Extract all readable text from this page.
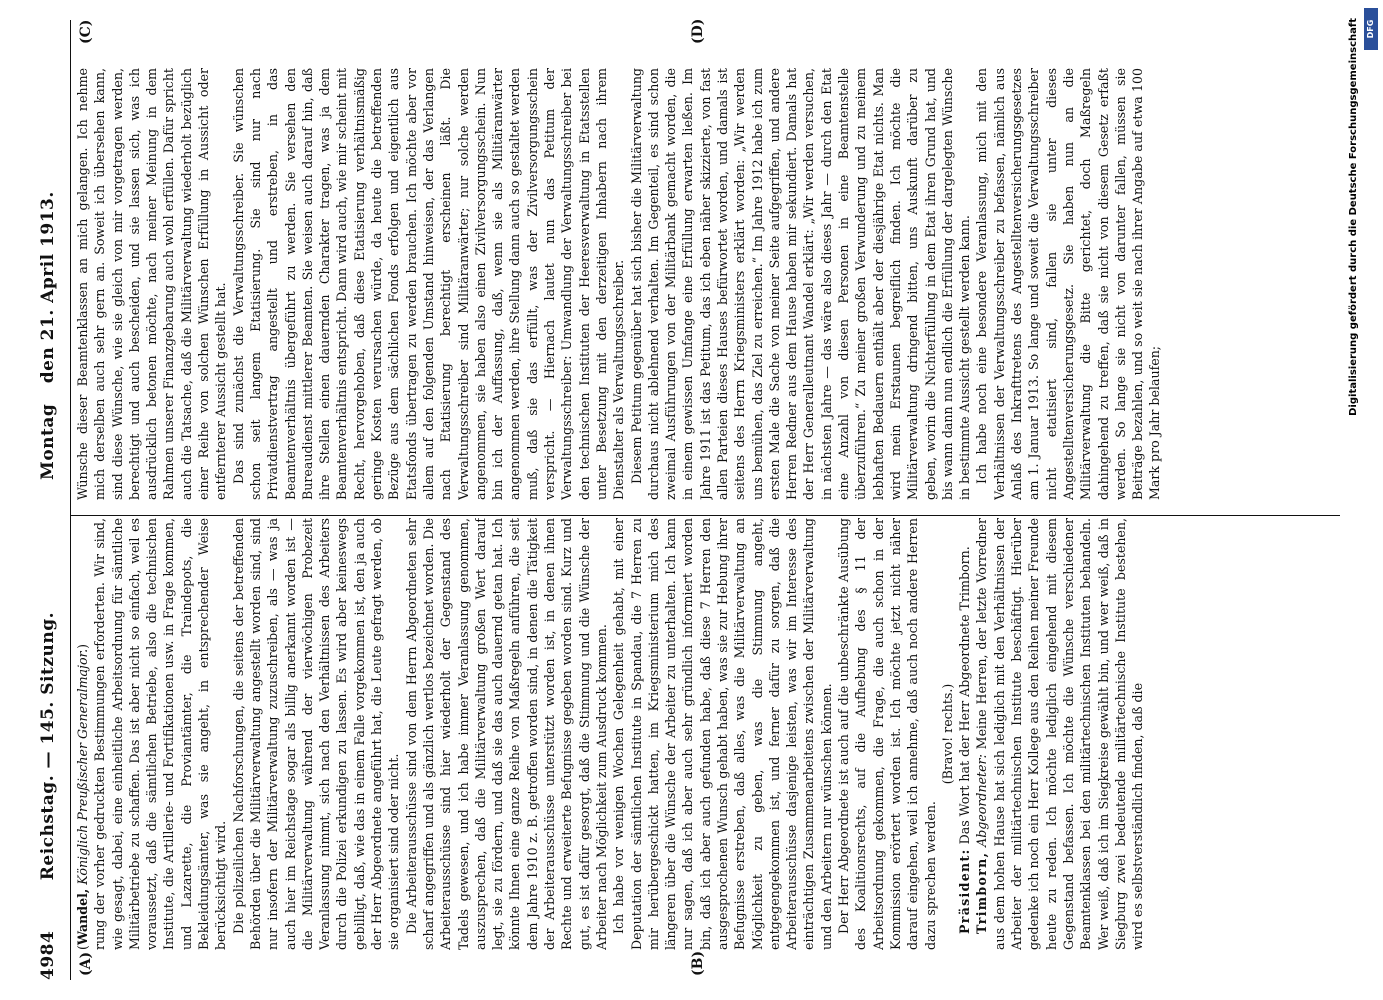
4984 Reichstag. — 145. Sitzung.
Montag den 21. April 1913.
(A)	(B)
(C)	(D)

(Wandel, Königlich Preußischer Generalmajor.) rung der vorher gedruckten Bestimmungen erforderten. Wir sind, wie gesagt, dabei, eine einheitliche Arbeitsordnung für sämtliche Militärbetriebe zu schaffen. Das ist aber nicht so einfach, weil es voraussetzt, daß die sämtlichen Betriebe, also die technischen Institute, die Artillerie- und Fortifikationen usw. in Frage kommen, und Lazarette, die Proviantämter, die Traindepots, die Bekleidungsämter, was sie angeht, in entsprechender Weise berücksichtigt wird. Die polizeilichen Nachforschungen, die seitens der betreffenden Behörden über die Militärverwaltung angestellt worden sind, sind nur insofern der Militärverwaltung zuzuschreiben, als — was ja auch hier im Reichstage sogar als billig anerkannt worden ist — die Militärverwaltung während der vierwöchigen Probezeit Veranlassung nimmt, sich nach den Verhältnissen des Arbeiters durch die Polizei erkundigen zu lassen. Es wird aber keineswegs gebilligt, daß, wie das in einem Falle vorgekommen ist, den ja auch der Herr Abgeordnete angeführt hat, die Leute gefragt werden, ob sie organisiert sind oder nicht. Die Arbeiterausschüsse sind von dem Herrn Abgeordneten sehr scharf angegriffen und als gänzlich wertlos bezeichnet worden. Die Arbeiterausschüsse sind hier wiederholt der Gegenstand des Tadels gewesen, und ich habe immer Veranlassung genommen, auszusprechen, daß die Militärverwaltung großen Wert darauf legt, sie zu fördern, und daß sie das auch dauernd getan hat. Ich könnte Ihnen eine ganze Reihe von Maßregeln anführen, die seit dem Jahre 1910 z. B. getroffen worden sind, in denen die Tätigkeit der Arbeiterausschüsse unterstützt worden ist, in denen ihnen Rechte und erweiterte Befugnisse gegeben worden sind. Kurz und gut, es ist dafür gesorgt, daß die Stimmung und die Wünsche der Arbeiter nach Möglichkeit zum Ausdruck kommen. Ich habe vor wenigen Wochen Gelegenheit gehabt, mit einer Deputation der sämtlichen Institute in Spandau, die 7 Herren zu mir herübergeschickt hatten, im Kriegsministerium mich des längeren über die Wünsche der Arbeiter zu unterhalten. Ich kann nur sagen, daß ich aber auch sehr gründlich informiert worden bin, daß ich aber auch gefunden habe, daß diese 7 Herren den ausgesprochenen Wunsch gehabt haben, was sie zur Hebung ihrer Befugnisse erstreben, daß alles, was die Militärverwaltung an Möglichkeit zu geben, was die Stimmung angeht, entgegengekommen ist, und ferner dafür zu sorgen, daß die Arbeiterausschüsse dasjenige leisten, was wir im Interesse des einträchtigen Zusammenarbeitens zwischen der Militärverwaltung und den Arbeitern nur wünschen können. Der Herr Abgeordnete ist auch auf die unbeschränkte Ausübung des Koalitionsrechts, auf die Aufhebung des § 11 der Arbeitsordnung gekommen, die Frage, die auch schon in der Kommission erörtert worden ist. Ich möchte jetzt nicht näher darauf eingehen, weil ich annehme, daß auch noch andere Herren dazu sprechen werden.

(Bravo! rechts.)

Präsident: Das Wort hat der Herr Abgeordnete Trimborn.

Trimborn, Abgeordneter: Meine Herren, der letzte Vorredner aus dem hohen Hause hat sich lediglich mit den Verhältnissen der Arbeiter der militärtechnischen Institute beschäftigt. Hierüber gedenke ich noch ein Herr Kollege aus den Reihen meiner Freunde heute zu reden. Ich möchte lediglich eingehend mit diesem Gegenstand befassen. Ich möchte die Wünsche verschiedener Beamtenklassen bei den militärtechnischen Instituten behandeln. Wer weiß, daß ich im Siegkreise gewählt bin, und wer weiß, daß in Siegburg zwei bedeutende militärtechnische Institute bestehen, wird es selbstverständlich finden, daß die

Wünsche dieser Beamtenklassen an mich gelangen. Ich nehme mich derselben auch sehr gern an. Soweit ich übersehen kann, sind diese Wünsche, wie sie gleich von mir vorgetragen werden, berechtigt und auch bescheiden, und sie lassen sich, was ich ausdrücklich betonen möchte, nach meiner Meinung in dem Rahmen unserer Finanzgebarung auch wohl erfüllen. Dafür spricht auch die Tatsache, daß die Militärverwaltung wiederholt bezüglich einer Reihe von solchen Wünschen Erfüllung in Aussicht oder entfernterer Aussicht gestellt hat. Das sind zunächst die Verwaltungsschreiber. Sie wünschen schon seit langem Etatisierung. Sie sind nur nach Privatdienstvertrag angestellt und erstreben, in das Beamtenverhältnis übergeführt zu werden. Sie versehen den Bureaudienst mittlerer Beamten. Sie weisen auch darauf hin, daß ihre Stellen einen dauernden Charakter tragen, was ja dem Beamtenverhältnis entspricht. Dann wird auch, wie mir scheint mit Recht, hervorgehoben, daß diese Etatisierung verhältnismäßig geringe Kosten verursachen würde, da heute die betreffenden Bezüge aus dem sächlichen Fonds erfolgen und eigentlich aus Etatsfonds übertragen zu werden brauchen. Ich möchte aber vor allem auf den folgenden Umstand hinweisen, der das Verlangen nach Etatisierung berechtigt erscheinen läßt. Die Verwaltungsschreiber sind Militäranwärter; nur solche werden angenommen, sie haben also einen Zivilversorgungsschein. Nun bin ich der Auffassung, daß, wenn sie als Militäranwärter angenommen werden, ihre Stellung dann auch so gestaltet werden muß, daß sie das erfüllt, was der Zivilversorgungsschein verspricht. — Hiernach lautet nun das Petitum der Verwaltungsschreiber: Umwandlung der Verwaltungsschreiber bei den technischen Instituten der Heeresverwaltung in Etatsstellen unter Besetzung mit den derzeitigen Inhabern nach ihrem Dienstalter als Verwaltungsschreiber. Diesem Petitum gegenüber hat sich bisher die Militärverwaltung durchaus nicht ablehnend verhalten. Im Gegenteil, es sind schon zweimal Ausführungen von der Militärbank gemacht worden, die in einem gewissen Umfange eine Erfüllung erwarten ließen. Im Jahre 1911 ist das Petitum, das ich eben näher skizzierte, von fast allen Parteien dieses Hauses befürwortet worden, und damals ist seitens des Herrn Kriegsministers erklärt worden: „Wir werden uns bemühen, das Ziel zu erreichen.“ Im Jahre 1912 habe ich zum ersten Male die Sache von meiner Seite aufgegriffen, und andere Herren Redner aus dem Hause haben mir sekundiert. Damals hat der Herr Generalleutnant Wandel erklärt: „Wir werden versuchen, in nächsten Jahre — das wäre also dieses Jahr — durch den Etat eine Anzahl von diesen Personen in eine Beamtenstelle überzuführen.“ Zu meiner großen Verwunderung und zu meinem lebhaften Bedauern enthält aber der diesjährige Etat nichts. Man wird mein Erstaunen begreiflich finden. Ich möchte die Militärverwaltung dringend bitten, uns Auskunft darüber zu geben, worin die Nichterfüllung in dem Etat ihren Grund hat, und bis wann dann nun endlich die Erfüllung der dargelegten Wünsche in bestimmte Aussicht gestellt werden kann. Ich habe noch eine besondere Veranlassung, mich mit den Verhältnissen der Verwaltungsschreiber zu befassen, nämlich aus Anlaß des Inkrafttretens des Angestelltenversicherungsgesetzes am 1. Januar 1913. So lange und soweit die Verwaltungsschreiber nicht etatisiert sind, fallen sie unter dieses Angestelltenversicherungsgesetz. Sie haben nun an die Militärverwaltung die Bitte gerichtet, doch Maßregeln dahingehend zu treffen, daß sie nicht von diesem Gesetz erfaßt werden. So lange sie nicht von darunter fallen, müssen sie Beiträge bezahlen, und so weit sie nach ihrer Angabe auf etwa 100 Mark pro Jahr belaufen;

Digitalisierung gefördert durch die Deutsche Forschungsgemeinschaft DFG
